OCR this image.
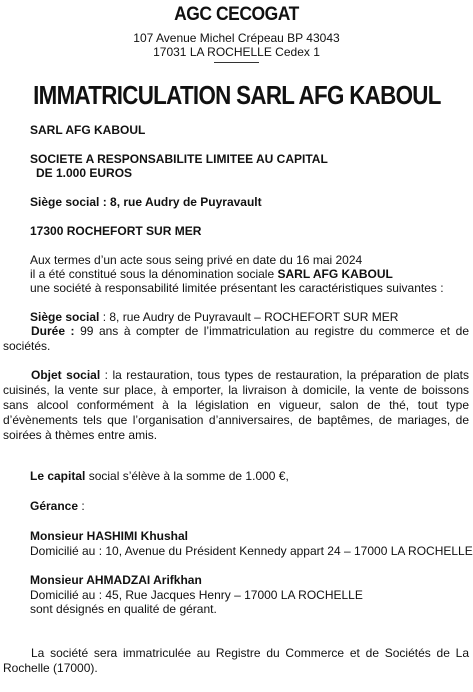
AGC CECOGAT
107 Avenue Michel Crépeau BP 43043
17031 LA ROCHELLE Cedex 1
IMMATRICULATION SARL AFG KABOUL
SARL AFG KABOUL
SOCIETE A RESPONSABILITE LIMITEE AU CAPITAL
DE 1.000 EUROS
Siège social : 8, rue Audry de Puyravault
17300 ROCHEFORT SUR MER
Aux termes d’un acte sous seing privé en date du 16 mai 2024
il a été constitué sous la dénomination sociale SARL AFG KABOUL
une société à responsabilité limitée présentant les caractéristiques suivantes :
Siège social : 8, rue Audry de Puyravault – ROCHEFORT SUR MER
Durée : 99 ans à compter de l’immatriculation au registre du commerce et de sociétés.
Objet social : la restauration, tous types de restauration, la préparation de plats cuisinés, la vente sur place, à emporter, la livraison à domicile, la vente de boissons sans alcool conformément à la législation en vigueur, salon de thé, tout type d’évènements tels que l’organisation d’anniversaires, de baptêmes, de mariages, de soirées à thèmes entre amis.
Le capital social s’élève à la somme de 1.000 €,
Gérance :
Monsieur HASHIMI Khushal
Domicilié au : 10, Avenue du Président Kennedy appart 24 – 17000 LA ROCHELLE
Monsieur AHMADZAI Arifkhan
Domicilié au : 45, Rue Jacques Henry – 17000 LA ROCHELLE
sont désignés en qualité de gérant.
La société sera immatriculée au Registre du Commerce et de Sociétés de La Rochelle (17000).
